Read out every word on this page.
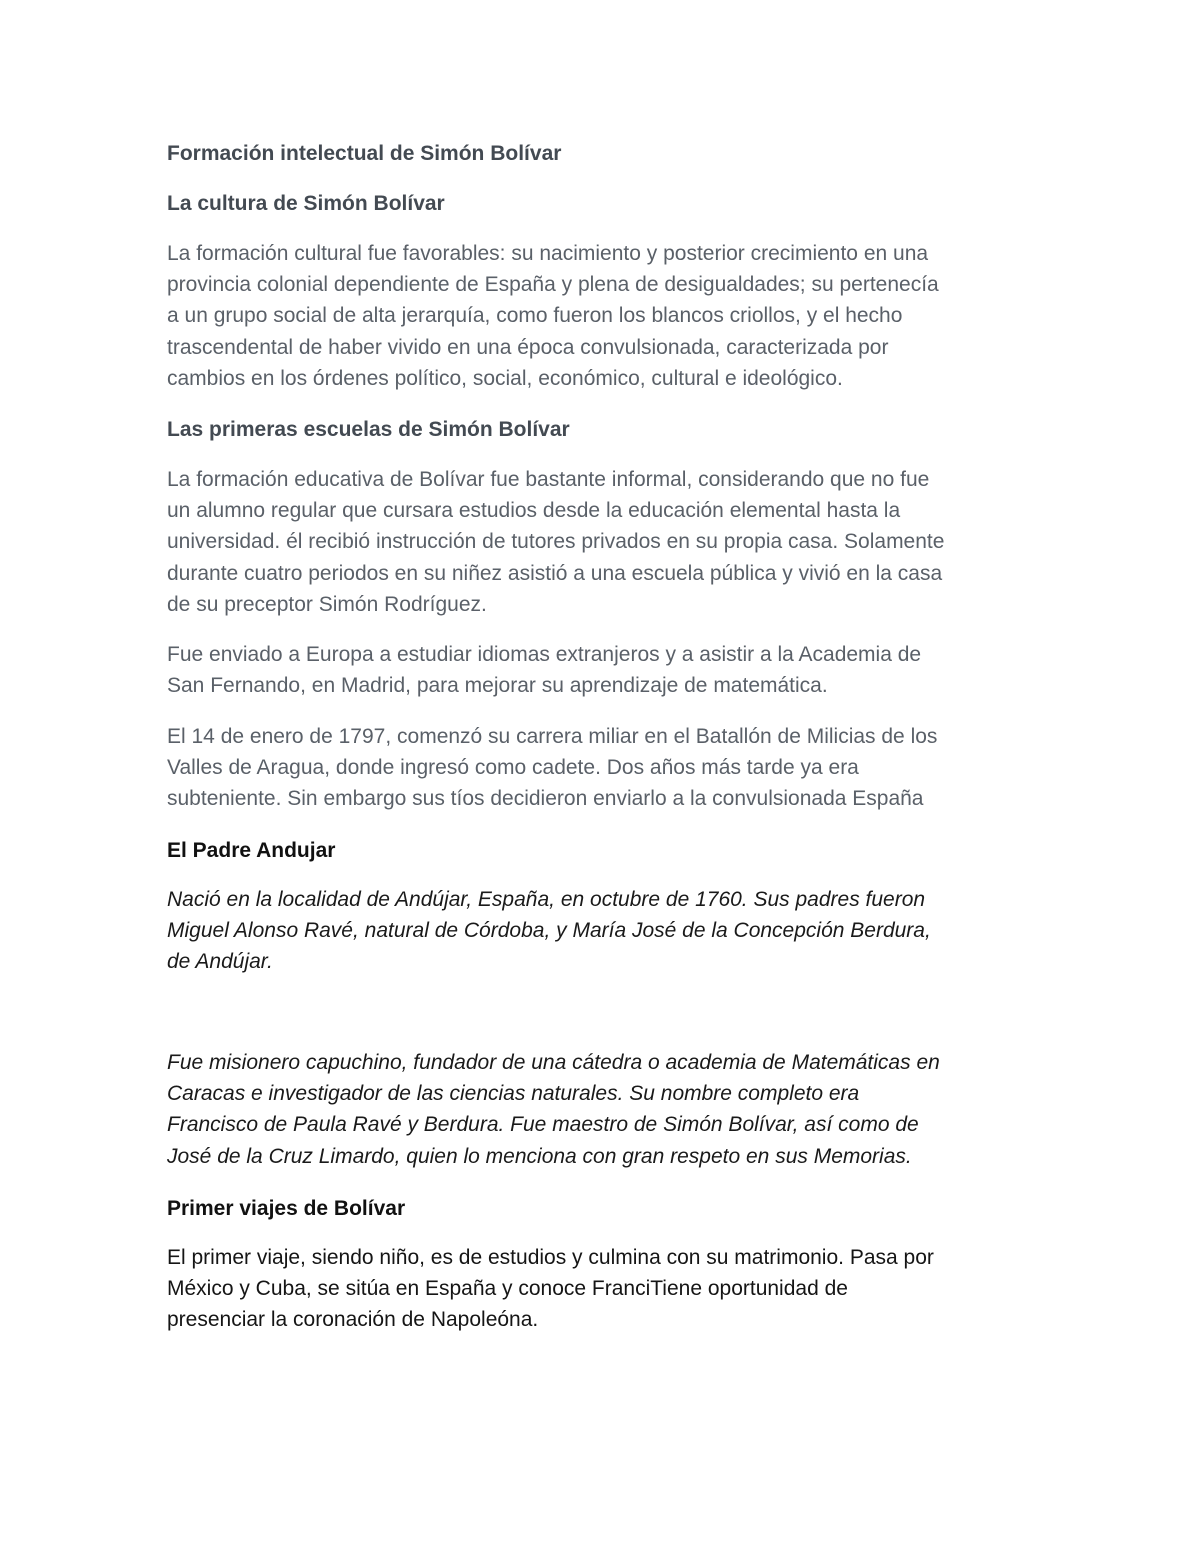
Formación intelectual de Simón Bolívar
La cultura de Simón Bolívar

La formación cultural fue favorables: su nacimiento y posterior crecimiento en una
provincia colonial dependiente de España y plena de desigualdades; su pertenecía
a un grupo social de alta jerarquía, como fueron los blancos criollos, y el hecho
trascendental de haber vivido en una época convulsionada, caracterizada por
cambios en los órdenes político, social, económico, cultural e ideológico.

Las primeras escuelas de Simón Bolívar

La formación educativa de Bolívar fue bastante informal, considerando que no fue
un alumno regular que cursara estudios desde la educación elemental hasta la
universidad. él recibió instrucción de tutores privados en su propia casa. Solamente
durante cuatro periodos en su niñez asistió a una escuela pública y vivió en la casa
de su preceptor Simón Rodríguez.

Fue enviado a Europa a estudiar idiomas extranjeros y a asistir a la Academia de
San Fernando, en Madrid, para mejorar su aprendizaje de matemática.

El 14 de enero de 1797, comenzó su carrera miliar en el Batallón de Milicias de los
Valles de Aragua, donde ingresó como cadete. Dos años más tarde ya era
subteniente. Sin embargo sus tíos decidieron enviarlo a la convulsionada España

El Padre Andujar

Nació en la localidad de Andújar, España, en octubre de 1760. Sus padres fueron
Miguel Alonso Ravé, natural de Córdoba, y María José de la Concepción Berdura,
de Andújar.

Fue misionero capuchino, fundador de una cátedra o academia de Matemáticas en
Caracas e investigador de las ciencias naturales. Su nombre completo era
Francisco de Paula Ravé y Berdura. Fue maestro de Simón Bolívar, así como de
José de la Cruz Limardo, quien lo menciona con gran respeto en sus Memorias.

Primer viajes de Bolívar

El primer viaje, siendo niño, es de estudios y culmina con su matrimonio. Pasa por
México y Cuba, se sitúa en España y conoce FranciTiene oportunidad de
presenciar la coronación de Napoleóna.
